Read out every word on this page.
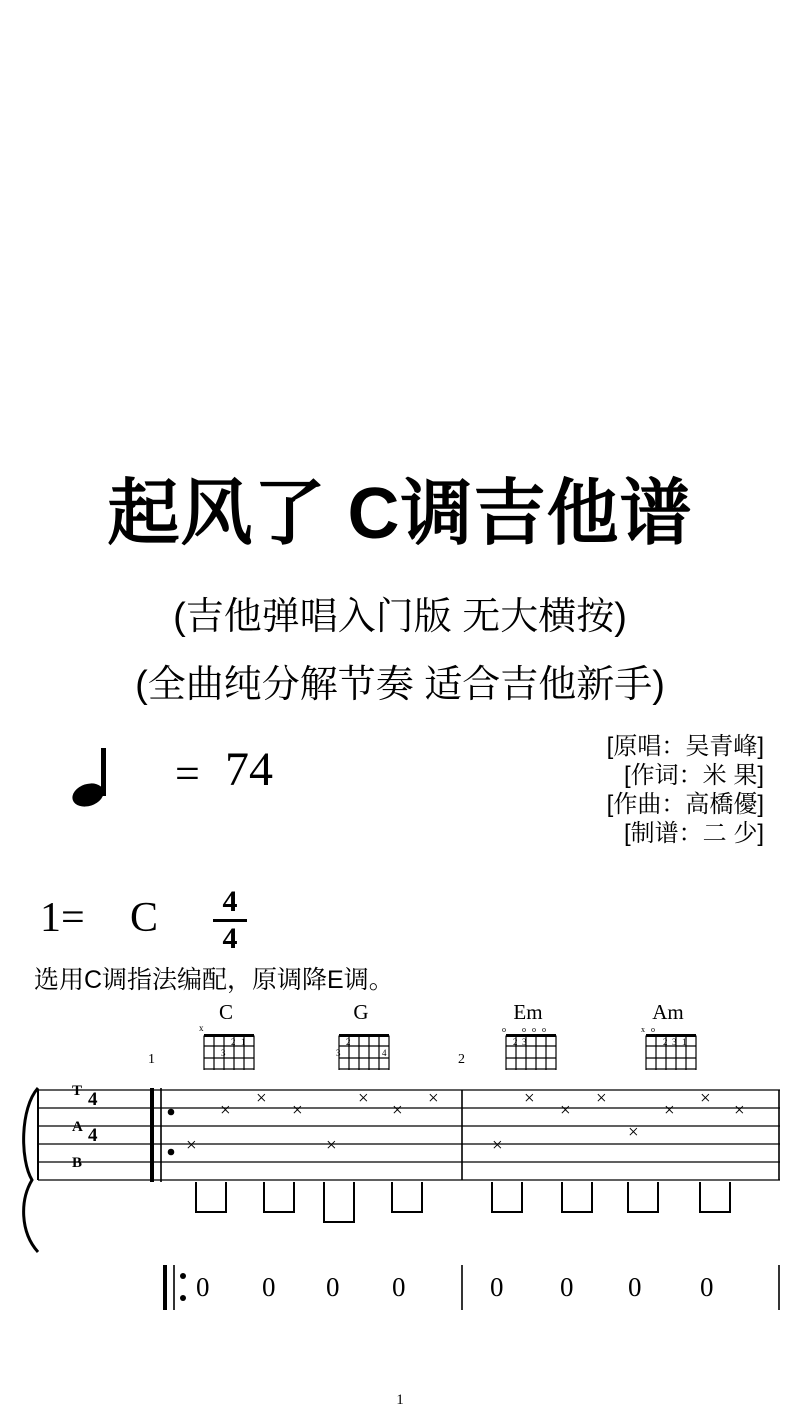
起风了 C调吉他谱
(吉他弹唱入门版 无大横按)
(全曲纯分解节奏 适合吉他新手)
= 74	[原唱：吴青峰]
[作词：米 果]
[作曲：高橋優]
[制谱：二 少]
1= C	4
4
选用C调指法编配，原调降E调。
C
x
2 1
3
G
2
3	4
Em
o o o o
2 3
Am
x o
2 3 1
T
A
B
4
4
×
×
×
×
×
×
×
×	×
×
×
×
×
×
×
×
0 0 0 0	0 0 0 0
1	2
1
